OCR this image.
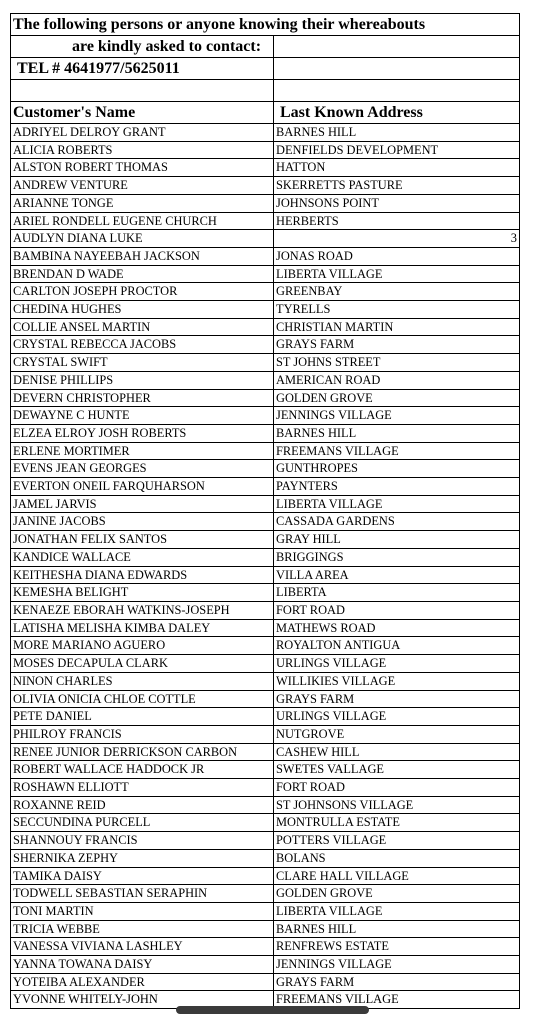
The following persons or anyone knowing their whereabouts	
are kindly asked to contact:	
TEL # 4641977/5625011	

Customer's Name	Last Known Address
ADRIYEL DELROY GRANT	BARNES HILL
ALICIA ROBERTS	DENFIELDS DEVELOPMENT
ALSTON ROBERT THOMAS	HATTON
ANDREW VENTURE	SKERRETTS PASTURE
ARIANNE TONGE	JOHNSONS POINT
ARIEL RONDELL EUGENE CHURCH	HERBERTS
AUDLYN DIANA LUKE	3
BAMBINA NAYEEBAH JACKSON	JONAS ROAD
BRENDAN D WADE	LIBERTA VILLAGE
CARLTON JOSEPH PROCTOR	GREENBAY
CHEDINA HUGHES	TYRELLS
COLLIE ANSEL MARTIN	CHRISTIAN MARTIN
CRYSTAL REBECCA JACOBS	GRAYS FARM
CRYSTAL SWIFT	ST JOHNS STREET
DENISE PHILLIPS	AMERICAN ROAD
DEVERN CHRISTOPHER	GOLDEN GROVE
DEWAYNE C HUNTE	JENNINGS VILLAGE
ELZEA ELROY JOSH ROBERTS	BARNES HILL
ERLENE MORTIMER	FREEMANS VILLAGE
EVENS JEAN GEORGES	GUNTHROPES
EVERTON ONEIL FARQUHARSON	PAYNTERS
JAMEL JARVIS	LIBERTA VILLAGE
JANINE JACOBS	CASSADA GARDENS
JONATHAN FELIX SANTOS	GRAY HILL
KANDICE WALLACE	BRIGGINGS
KEITHESHA DIANA EDWARDS	VILLA AREA
KEMESHA BELIGHT	LIBERTA
KENAEZE EBORAH WATKINS-JOSEPH	FORT ROAD
LATISHA MELISHA KIMBA DALEY	MATHEWS ROAD
MORE MARIANO AGUERO	ROYALTON ANTIGUA
MOSES DECAPULA CLARK	URLINGS VILLAGE
NINON CHARLES	WILLIKIES VILLAGE
OLIVIA ONICIA CHLOE COTTLE	GRAYS FARM
PETE DANIEL	URLINGS VILLAGE
PHILROY FRANCIS	NUTGROVE
RENEE JUNIOR DERRICKSON CARBON	CASHEW HILL
ROBERT WALLACE HADDOCK JR	SWETES VALLAGE
ROSHAWN ELLIOTT	FORT ROAD
ROXANNE REID	ST JOHNSONS VILLAGE
SECCUNDINA PURCELL	MONTRULLA ESTATE
SHANNOUY FRANCIS	POTTERS VILLAGE
SHERNIKA ZEPHY	BOLANS
TAMIKA DAISY	CLARE HALL VILLAGE
TODWELL SEBASTIAN SERAPHIN	GOLDEN GROVE
TONI MARTIN	LIBERTA VILLAGE
TRICIA WEBBE	BARNES HILL
VANESSA VIVIANA LASHLEY	RENFREWS ESTATE
YANNA TOWANA DAISY	JENNINGS VILLAGE
YOTEIBA ALEXANDER	GRAYS FARM
YVONNE WHITELY-JOHN	FREEMANS VILLAGE
